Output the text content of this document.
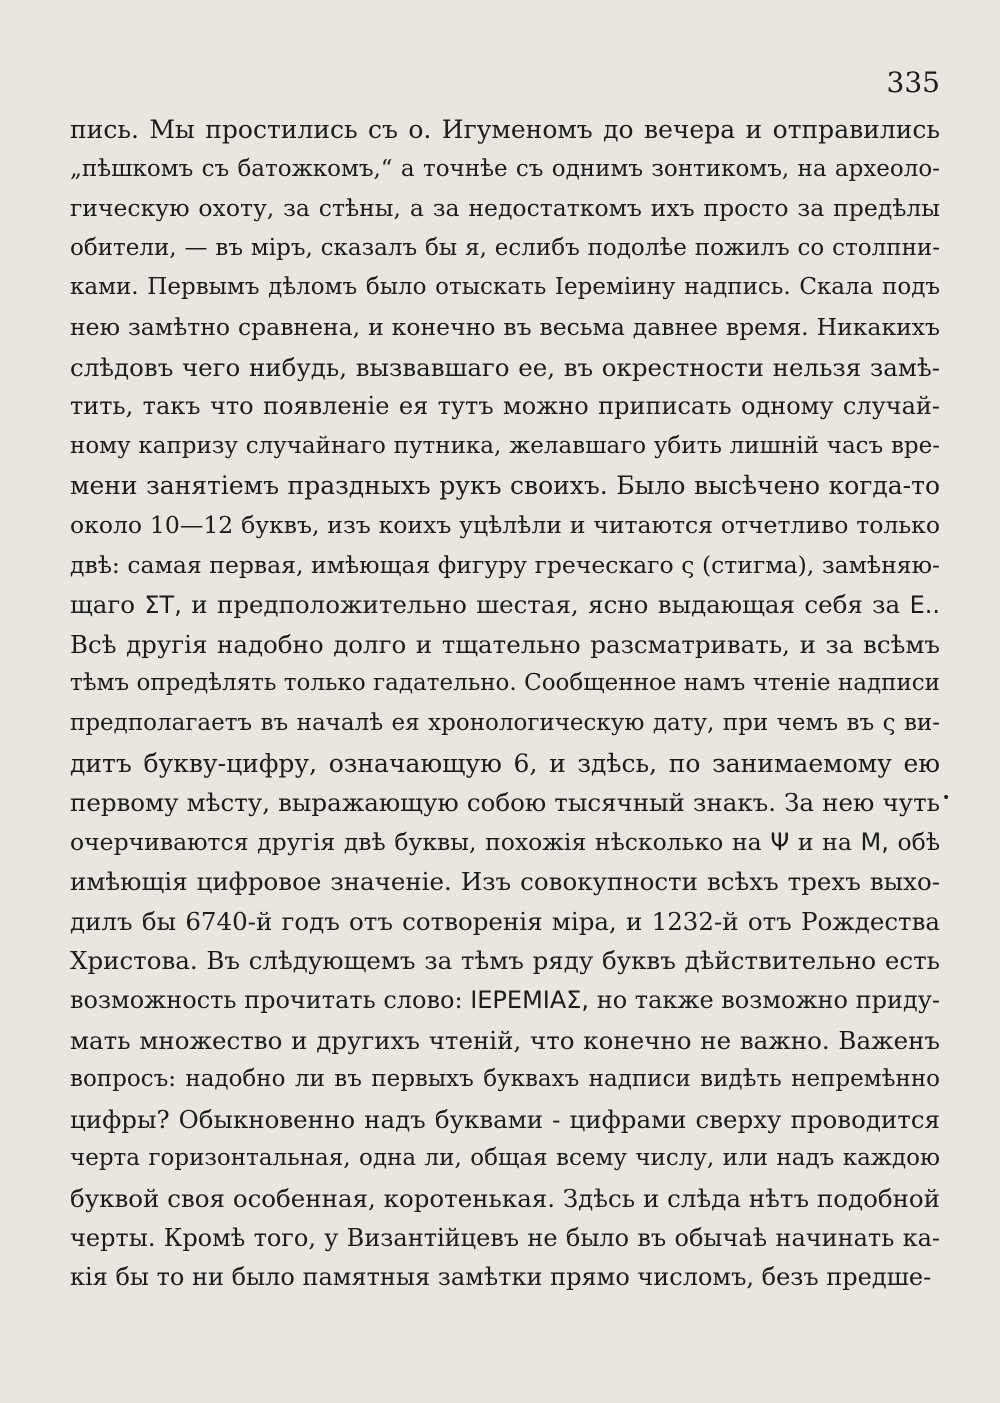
335
пись. Мы простились съ о. Игуменомъ до вечера и отправились
„пѣшкомъ съ батожкомъ,“ а точнѣе съ однимъ зонтикомъ, на археоло-
гическую охоту, за стѣны, а за недостаткомъ ихъ просто за предѣлы
обители, — въ міръ, сказалъ бы я, еслибъ подолѣе пожилъ со столпни-
ками. Первымъ дѣломъ было отыскать Іереміину надпись. Скала подъ
нею замѣтно сравнена, и конечно въ весьма давнее время. Никакихъ
слѣдовъ чего нибудь, вызвавшаго ее, въ окрестности нельзя замѣ-
тить, такъ что появленіе ея тутъ можно приписать одному случай-
ному капризу случайнаго путника, желавшаго убить лишній часъ вре-
мени занятіемъ праздныхъ рукъ своихъ. Было высѣчено когда-то
около 10—12 буквъ, изъ коихъ уцѣлѣли и читаются отчетливо только
двѣ: самая первая, имѣющая фигуру греческаго ς (стигма), замѣняю-
щаго ΣΤ, и предположительно шестая, ясно выдающая себя за Ε..
Всѣ другія надобно долго и тщательно разсматривать, и за всѣмъ
тѣмъ опредѣлять только гадательно. Сообщенное намъ чтеніе надписи
предполагаетъ въ началѣ ея хронологическую дату, при чемъ въ ς ви-
дитъ букву-цифру, означающую 6, и здѣсь, по занимаемому ею
первому мѣсту, выражающую собою тысячный знакъ. За нею чуть
очерчиваются другія двѣ буквы, похожія нѣсколько на Ψ и на Μ, обѣ
имѣющія цифровое значеніе. Изъ совокупности всѣхъ трехъ выхо-
дилъ бы 6740-й годъ отъ сотворенія міра, и 1232-й отъ Рождества
Христова. Въ слѣдующемъ за тѣмъ ряду буквъ дѣйствительно есть
возможность прочитать слово: ΙΕΡΕΜΙΑΣ, но также возможно приду-
мать множество и другихъ чтеній, что конечно не важно. Важенъ
вопросъ: надобно ли въ первыхъ буквахъ надписи видѣть непремѣнно
цифры? Обыкновенно надъ буквами - цифрами сверху проводится
черта горизонтальная, одна ли, общая всему числу, или надъ каждою
буквой своя особенная, коротенькая. Здѣсь и слѣда нѣтъ подобной
черты. Кромѣ того, у Византійцевъ не было въ обычаѣ начинать ка-
кія бы то ни было памятныя замѣтки прямо числомъ, безъ предше-
•
